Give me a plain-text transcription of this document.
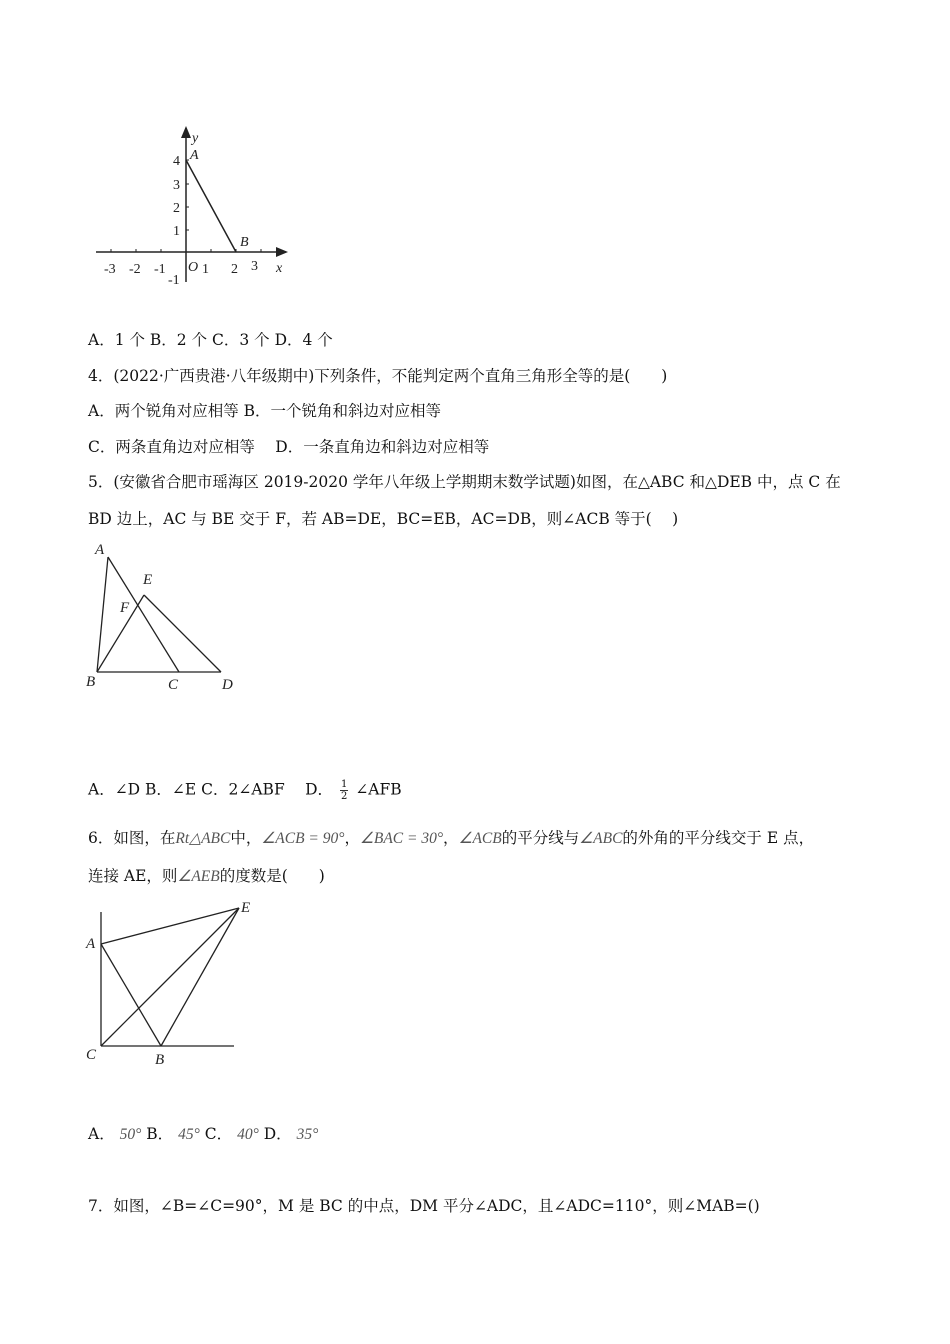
y
x
A
B
O
-3 -2 -1	1 2 3
4
3
2
1
-1
A．1 个 B．2 个 C．3 个 D．4 个
4．(2022·广西贵港·八年级期中)下列条件，不能判定两个直角三角形全等的是(　　)
A．两个锐角对应相等 B．一个锐角和斜边对应相等
C．两条直角边对应相等　 D．一条直角边和斜边对应相等
5．(安徽省合肥市瑶海区 2019-2020 学年八年级上学期期末数学试题)如图，在△ABC 和△DEB 中，点 C 在
BD 边上，AC 与 BE 交于 F，若 AB=DE，BC=EB，AC=DB，则∠ACB 等于(　 )
A
E
F
B	C	D
A．∠D B．∠E C．2∠ABF　 D． $\frac{1}{2}$ ∠AFB
6．如图，在Rt△ABC中，∠ACB = 90°，∠BAC = 30°，∠ACB的平分线与∠ABC的外角的平分线交于 E 点，
连接 AE，则∠AEB的度数是(　　)
A
E
C	B
A． 50° B． 45° C． 40° D． 35°
7．如图，∠B=∠C=90°，M 是 BC 的中点，DM 平分∠ADC，且∠ADC=110°，则∠MAB=()
